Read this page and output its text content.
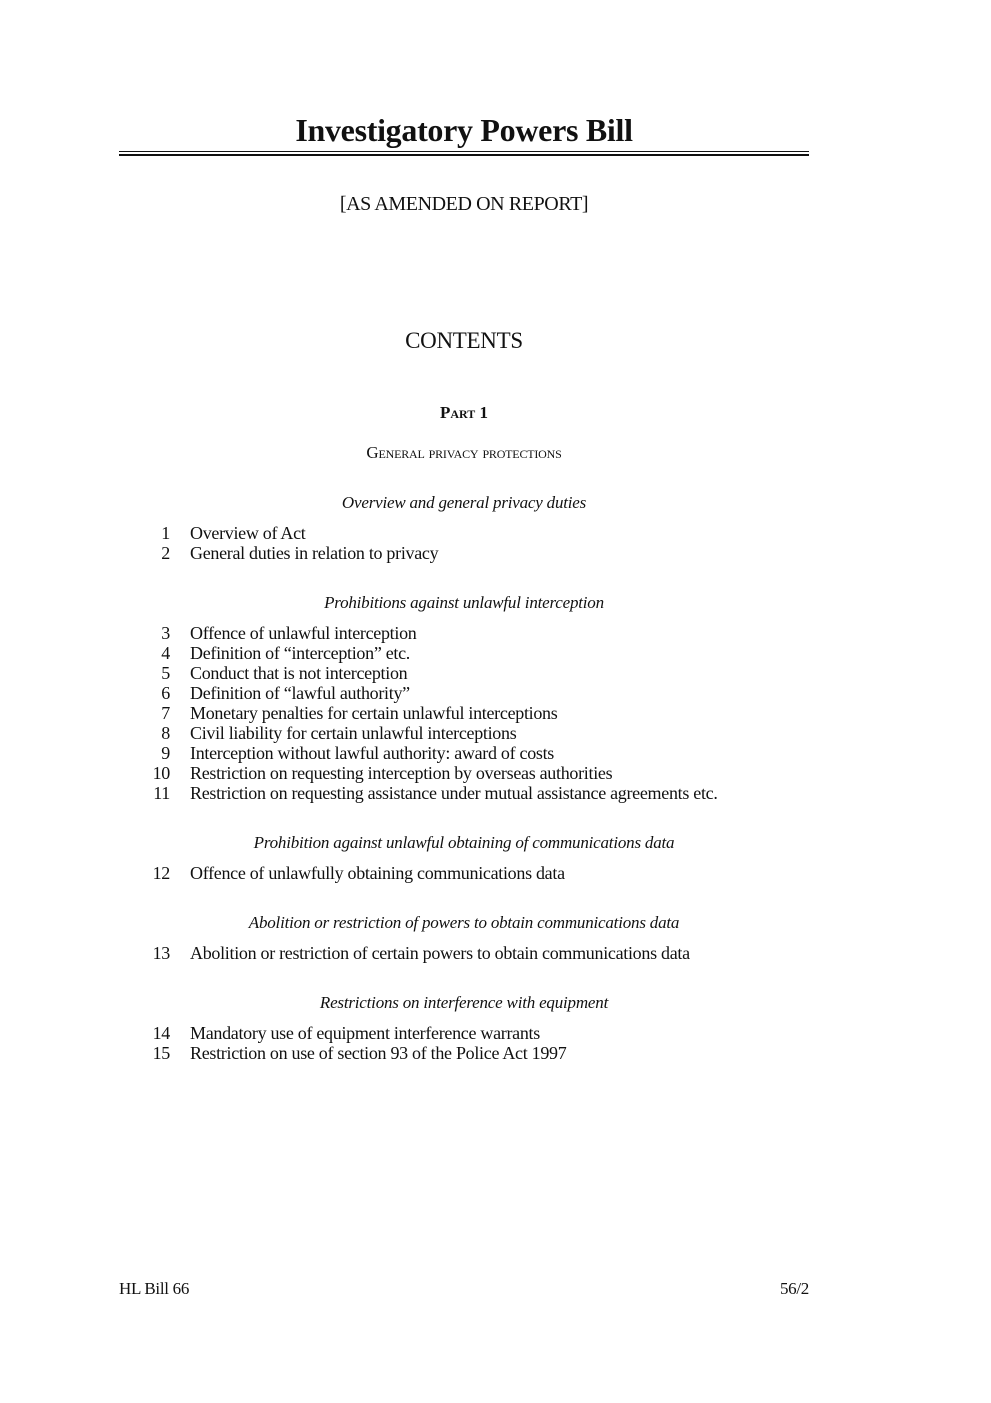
Investigatory Powers Bill
[AS AMENDED ON REPORT]
CONTENTS
Part 1
General privacy protections
Overview and general privacy duties
1 Overview of Act
2 General duties in relation to privacy
Prohibitions against unlawful interception
3 Offence of unlawful interception
4 Definition of “interception” etc.
5 Conduct that is not interception
6 Definition of “lawful authority”
7 Monetary penalties for certain unlawful interceptions
8 Civil liability for certain unlawful interceptions
9 Interception without lawful authority: award of costs
10 Restriction on requesting interception by overseas authorities
11 Restriction on requesting assistance under mutual assistance agreements etc.
Prohibition against unlawful obtaining of communications data
12 Offence of unlawfully obtaining communications data
Abolition or restriction of powers to obtain communications data
13 Abolition or restriction of certain powers to obtain communications data
Restrictions on interference with equipment
14 Mandatory use of equipment interference warrants
15 Restriction on use of section 93 of the Police Act 1997
HL Bill 66	56/2
